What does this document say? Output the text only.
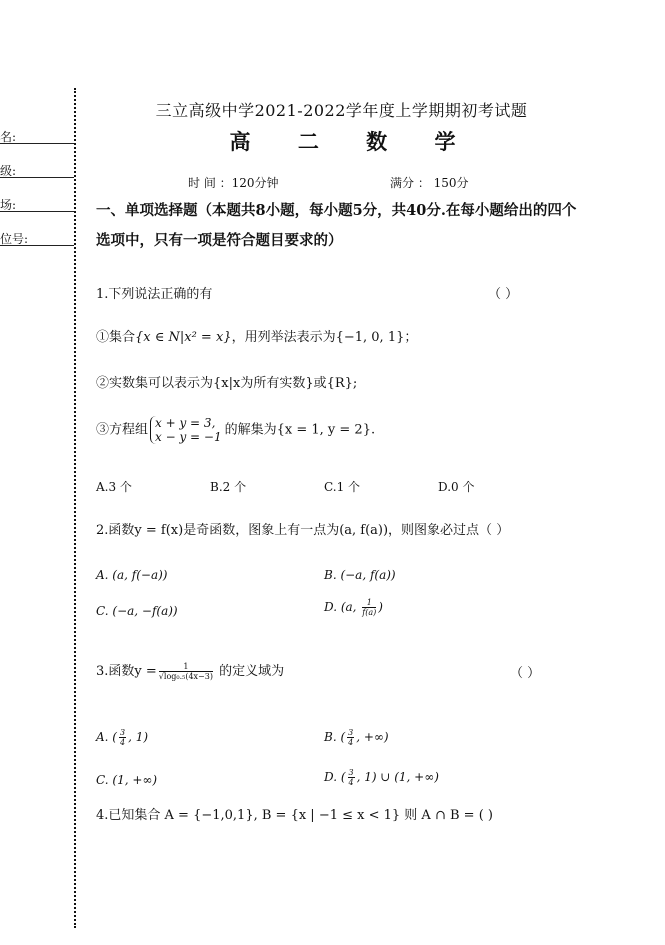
名:
级:
场:
位号:
三立高级中学2021-2022学年度上学期期初考试题
高 二 数 学
时 间 ：120分钟	满分 ： 150分
一、单项选择题（本题共8小题，每小题5分，共40分.在每小题给出的四个选项中，只有一项是符合题目要求的）
1.下列说法正确的有	（ ）
①集合{x ∈ N|x² = x}，用列举法表示为{−1, 0, 1}；
②实数集可以表示为{x|x为所有实数}或{R};
③方程组 x + y = 3,
x − y = −1 的解集为{x = 1, y = 2}.
A.3 个	B.2 个	C.1 个	D.0 个
2.函数y = f(x)是奇函数，图象上有一点为(a, f(a))，则图象必过点（ ）
A. (a, f(−a))	B. (−a, f(a))
C. (−a, −f(a))	D. (a, $\frac{1}{f(a)}$ )
3.函数$y = \frac{1}{\text{√log₀.₅(4x−3)}}$ 的定义域为	（ ）
A. ( $\frac{3}{4}$ , 1)	B. ( $\frac{3}{4}$ , +∞)
C. (1, +∞)	D. ( $\frac{3}{4}$ , 1) ∪ (1, +∞)
4.已知集合 A = {−1,0,1}, B = {x | −1 ≤ x < 1} 则 A ∩ B = ( )
